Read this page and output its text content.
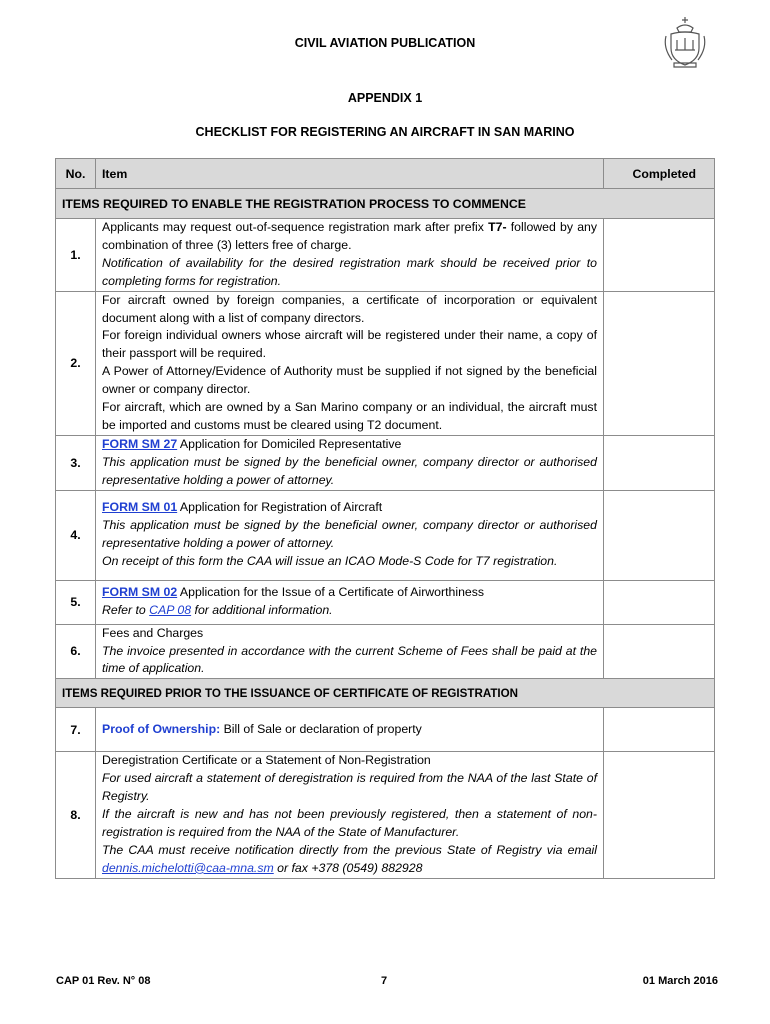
CIVIL AVIATION PUBLICATION
APPENDIX 1
CHECKLIST FOR REGISTERING AN AIRCRAFT IN SAN MARINO
No.	Item	Completed
ITEMS REQUIRED TO ENABLE THE REGISTRATION PROCESS TO COMMENCE		
1.	Applicants may request out-of-sequence registration mark after prefix T7- followed by any combination of three (3) letters free of charge.
Notification of availability for the desired registration mark should be received prior to completing forms for registration.	

2.	For aircraft owned by foreign companies, a certificate of incorporation or equivalent document along with a list of company directors.
For foreign individual owners whose aircraft will be registered under their name, a copy of their passport will be required.
A Power of Attorney/Evidence of Authority must be supplied if not signed by the beneficial owner or company director.
For aircraft, which are owned by a San Marino company or an individual, the aircraft must be imported and customs must be cleared using T2 document.	

3.	FORM SM 27 Application for Domiciled Representative
This application must be signed by the beneficial owner, company director or authorised representative holding a power of attorney.	

4.	FORM SM 01 Application for Registration of Aircraft
This application must be signed by the beneficial owner, company director or authorised representative holding a power of attorney.
On receipt of this form the CAA will issue an ICAO Mode-S Code for T7 registration.	

5.	FORM SM 02 Application for the Issue of a Certificate of Airworthiness
Refer to CAP 08 for additional information.	

6.	Fees and Charges
The invoice presented in accordance with the current Scheme of Fees shall be paid at the time of application.	

ITEMS REQUIRED PRIOR TO THE ISSUANCE OF CERTIFICATE OF REGISTRATION		
7.	Proof of Ownership: Bill of Sale or declaration of property	
8.	Deregistration Certificate or a Statement of Non-Registration
For used aircraft a statement of deregistration is required from the NAA of the last State of Registry.
If the aircraft is new and has not been previously registered, then a statement of non-registration is required from the NAA of the State of Manufacturer.
The CAA must receive notification directly from the previous State of Registry via email dennis.michelotti@caa-mna.sm or fax +378 (0549) 882928	

CAP 01 Rev. N° 08	7	01 March 2016
